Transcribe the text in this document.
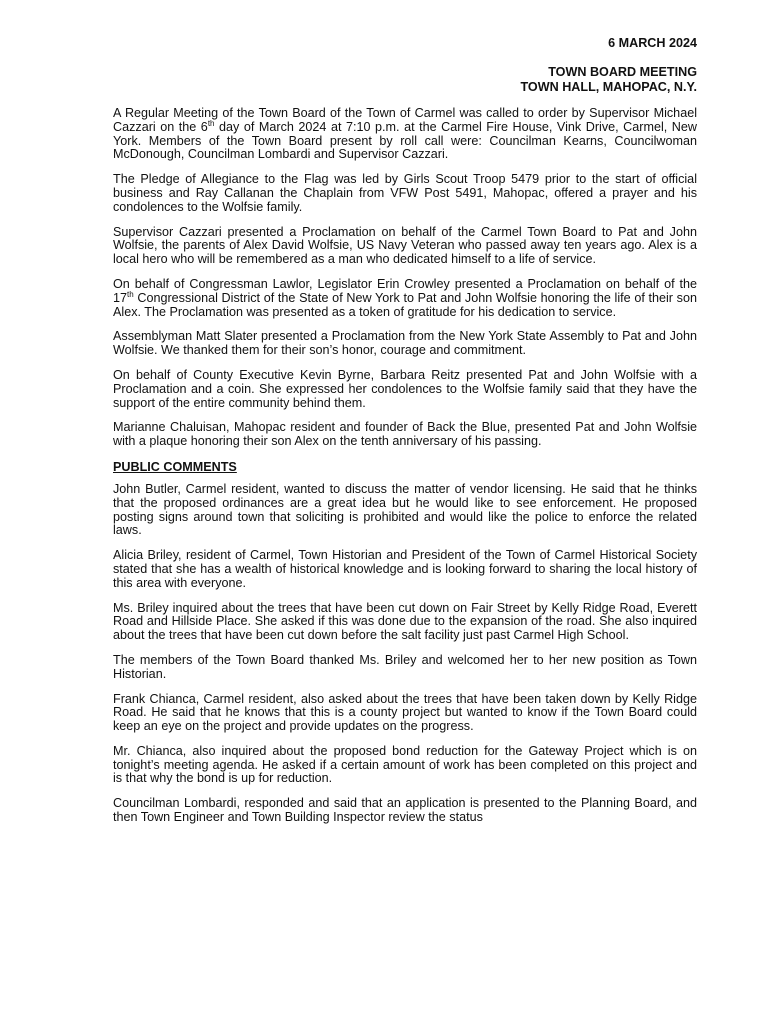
6 MARCH 2024
TOWN BOARD MEETING
TOWN HALL, MAHOPAC, N.Y.

A Regular Meeting of the Town Board of the Town of Carmel was called to order by Supervisor Michael Cazzari on the 6th day of March 2024 at 7:10 p.m. at the Carmel Fire House, Vink Drive, Carmel, New York. Members of the Town Board present by roll call were: Councilman Kearns, Councilwoman McDonough, Councilman Lombardi and Supervisor Cazzari.

The Pledge of Allegiance to the Flag was led by Girls Scout Troop 5479 prior to the start of official business and Ray Callanan the Chaplain from VFW Post 5491, Mahopac, offered a prayer and his condolences to the Wolfsie family.

Supervisor Cazzari presented a Proclamation on behalf of the Carmel Town Board to Pat and John Wolfsie, the parents of Alex David Wolfsie, US Navy Veteran who passed away ten years ago. Alex is a local hero who will be remembered as a man who dedicated himself to a life of service.

On behalf of Congressman Lawlor, Legislator Erin Crowley presented a Proclamation on behalf of the 17th Congressional District of the State of New York to Pat and John Wolfsie honoring the life of their son Alex. The Proclamation was presented as a token of gratitude for his dedication to service.

Assemblyman Matt Slater presented a Proclamation from the New York State Assembly to Pat and John Wolfsie. We thanked them for their son’s honor, courage and commitment.

On behalf of County Executive Kevin Byrne, Barbara Reitz presented Pat and John Wolfsie with a Proclamation and a coin. She expressed her condolences to the Wolfsie family said that they have the support of the entire community behind them.

Marianne Chaluisan, Mahopac resident and founder of Back the Blue, presented Pat and John Wolfsie with a plaque honoring their son Alex on the tenth anniversary of his passing.

PUBLIC COMMENTS

John Butler, Carmel resident, wanted to discuss the matter of vendor licensing. He said that he thinks that the proposed ordinances are a great idea but he would like to see enforcement. He proposed posting signs around town that soliciting is prohibited and would like the police to enforce the related laws.

Alicia Briley, resident of Carmel, Town Historian and President of the Town of Carmel Historical Society stated that she has a wealth of historical knowledge and is looking forward to sharing the local history of this area with everyone.

Ms. Briley inquired about the trees that have been cut down on Fair Street by Kelly Ridge Road, Everett Road and Hillside Place. She asked if this was done due to the expansion of the road. She also inquired about the trees that have been cut down before the salt facility just past Carmel High School.

The members of the Town Board thanked Ms. Briley and welcomed her to her new position as Town Historian.

Frank Chianca, Carmel resident, also asked about the trees that have been taken down by Kelly Ridge Road. He said that he knows that this is a county project but wanted to know if the Town Board could keep an eye on the project and provide updates on the progress.

Mr. Chianca, also inquired about the proposed bond reduction for the Gateway Project which is on tonight’s meeting agenda. He asked if a certain amount of work has been completed on this project and is that why the bond is up for reduction.

Councilman Lombardi, responded and said that an application is presented to the Planning Board, and then Town Engineer and Town Building Inspector review the status
